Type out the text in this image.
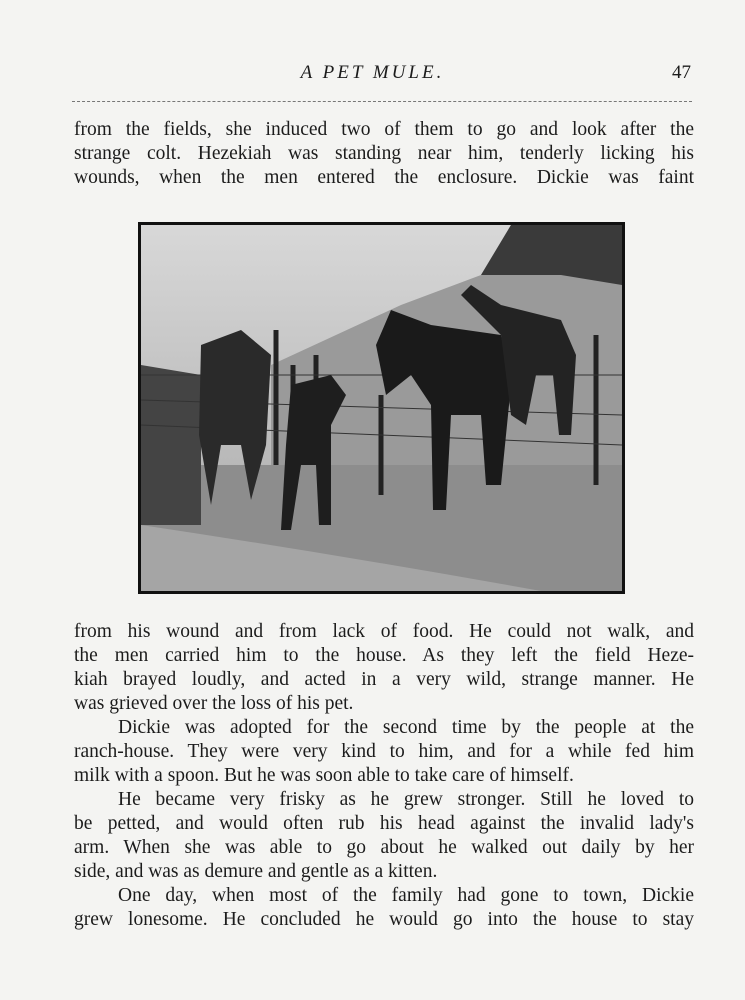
A PET MULE.	47
from the fields, she induced two of them to go and look after the
strange colt. Hezekiah was standing near him, tenderly licking his
wounds, when the men entered the enclosure. Dickie was faint
from his wound and from lack of food. He could not walk, and
the men carried him to the house. As they left the field Heze-
kiah brayed loudly, and acted in a very wild, strange manner. He
was grieved over the loss of his pet.
Dickie was adopted for the second time by the people at the
ranch-house. They were very kind to him, and for a while fed him
milk with a spoon. But he was soon able to take care of himself.
He became very frisky as he grew stronger. Still he loved to
be petted, and would often rub his head against the invalid lady's
arm. When she was able to go about he walked out daily by her
side, and was as demure and gentle as a kitten.
One day, when most of the family had gone to town, Dickie
grew lonesome. He concluded he would go into the house to stay
